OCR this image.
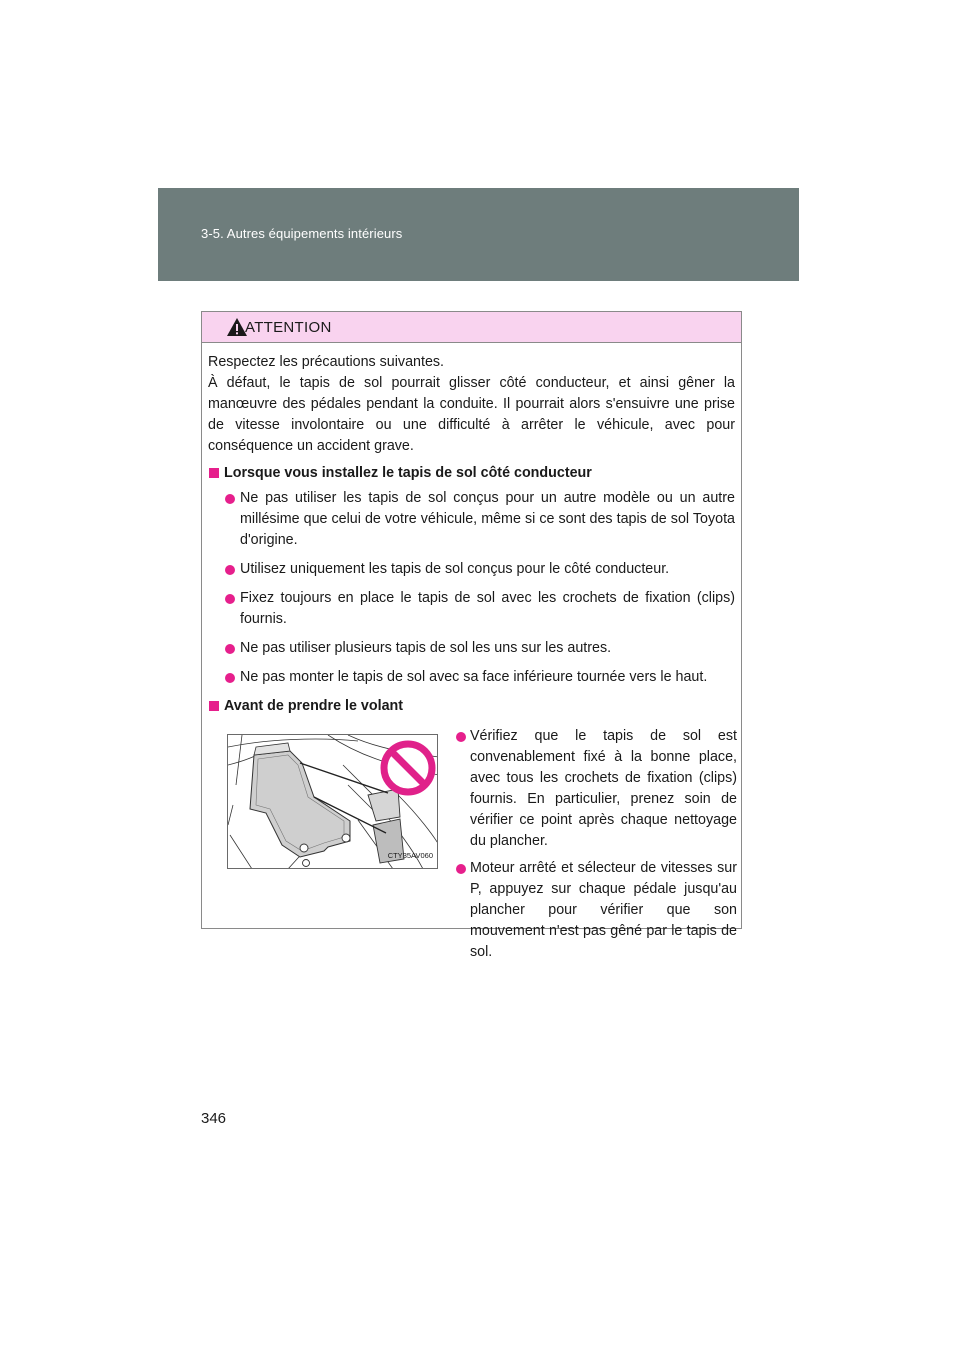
3-5. Autres équipements intérieurs
ATTENTION

Respectez les précautions suivantes.
À défaut, le tapis de sol pourrait glisser côté conducteur, et ainsi gêner la manœuvre des pédales pendant la conduite. Il pourrait alors s'ensuivre une prise de vitesse involontaire ou une difficulté à arrêter le véhicule, avec pour conséquence un accident grave.

Lorsque vous installez le tapis de sol côté conducteur
Ne pas utiliser les tapis de sol conçus pour un autre modèle ou un autre millésime que celui de votre véhicule, même si ce sont des tapis de sol Toyota d'origine.
Utilisez uniquement les tapis de sol conçus pour le côté conducteur.
Fixez toujours en place le tapis de sol avec les crochets de fixation (clips) fournis.
Ne pas utiliser plusieurs tapis de sol les uns sur les autres.
Ne pas monter le tapis de sol avec sa face inférieure tournée vers le haut.
Avant de prendre le volant
CTY35AV060
Vérifiez que le tapis de sol est convenablement fixé à la bonne place, avec tous les crochets de fixation (clips) fournis. En particulier, prenez soin de vérifier ce point après chaque nettoyage du plancher.
Moteur arrêté et sélecteur de vitesses sur P, appuyez sur chaque pédale jusqu'au plancher pour vérifier que son mouvement n'est pas gêné par le tapis de sol.
346
